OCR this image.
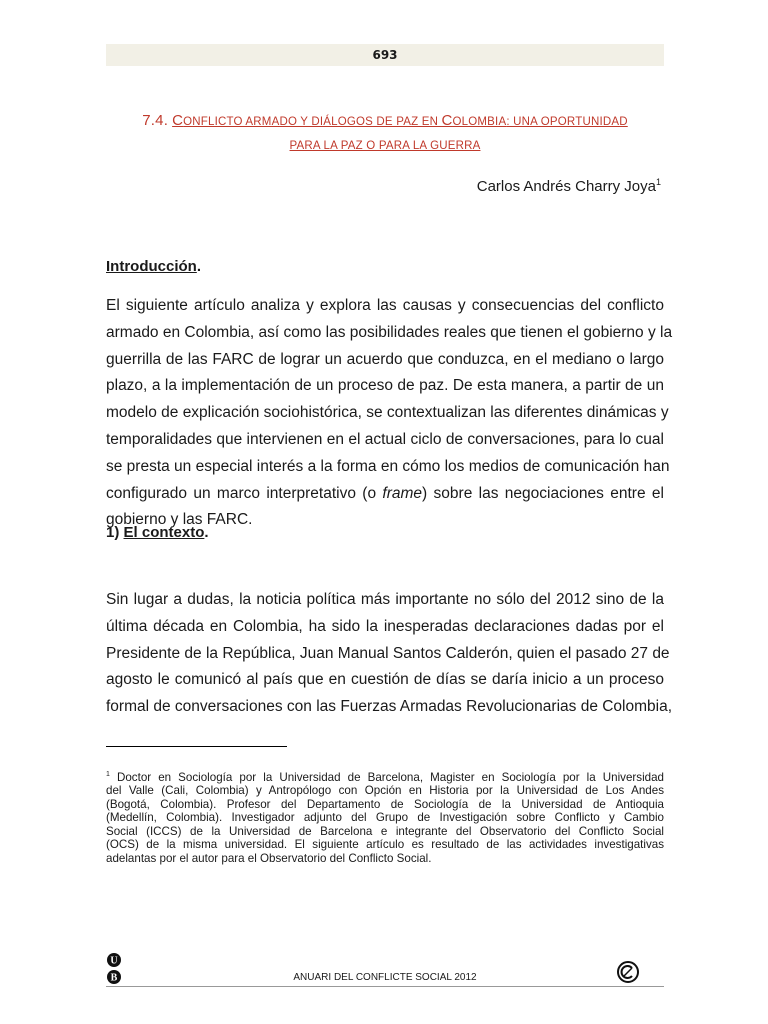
693
7.4. CONFLICTO ARMADO Y DIÁLOGOS DE PAZ EN COLOMBIA: UNA OPORTUNIDAD
PARA LA PAZ O PARA LA GUERRA
Carlos Andrés Charry Joya$^1$
Introducción.
El siguiente artículo analiza y explora las causas y consecuencias del conflicto
armado en Colombia, así como las posibilidades reales que tienen el gobierno y la
guerrilla de las FARC de lograr un acuerdo que conduzca, en el mediano o largo
plazo, a la implementación de un proceso de paz. De esta manera, a partir de un
modelo de explicación sociohistórica, se contextualizan las diferentes dinámicas y
temporalidades que intervienen en el actual ciclo de conversaciones, para lo cual
se presta un especial interés a la forma en cómo los medios de comunicación han
configurado un marco interpretativo (o frame) sobre las negociaciones entre el
gobierno y las FARC.
1) El contexto.
Sin lugar a dudas, la noticia política más importante no sólo del 2012 sino de la
última década en Colombia, ha sido la inesperadas declaraciones dadas por el
Presidente de la República, Juan Manual Santos Calderón, quien el pasado 27 de
agosto le comunicó al país que en cuestión de días se daría inicio a un proceso
formal de conversaciones con las Fuerzas Armadas Revolucionarias de Colombia,
$^1$ Doctor en Sociología por la Universidad de Barcelona, Magister en Sociología por la Universidad
del Valle (Cali, Colombia) y Antropólogo con Opción en Historia por la Universidad de Los Andes
(Bogotá, Colombia). Profesor del Departamento de Sociología de la Universidad de Antioquia
(Medellín, Colombia). Investigador adjunto del Grupo de Investigación sobre Conflicto y Cambio
Social (ICCS) de la Universidad de Barcelona e integrante del Observatorio del Conflicto Social
(OCS) de la misma universidad. El siguiente artículo es resultado de las actividades investigativas
adelantas por el autor para el Observatorio del Conflicto Social.
U
B	ANUARI DEL CONFLICTE SOCIAL 2012
